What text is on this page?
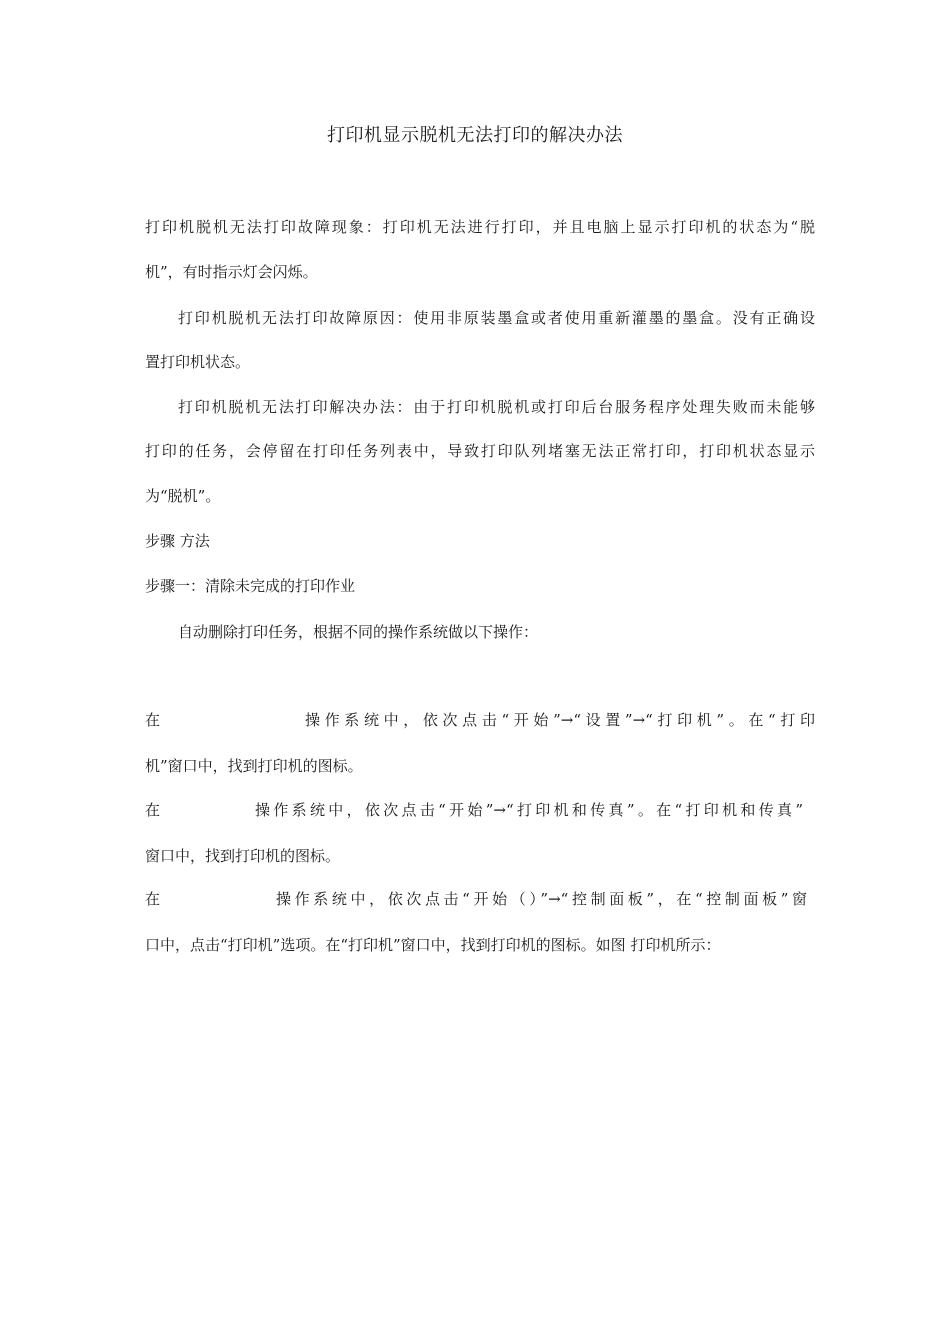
打印机显示脱机无法打印的解决办法
打印机脱机无法打印故障现象：打印机无法进行打印，并且电脑上显示打印机的状态为“脱
机”，有时指示灯会闪烁。
打印机脱机无法打印故障原因：使用非原装墨盒或者使用重新灌墨的墨盒。没有正确设
置打印机状态。
打印机脱机无法打印解决办法：由于打印机脱机或打印后台服务程序处理失败而未能够
打印的任务，会停留在打印任务列表中，导致打印队列堵塞无法正常打印，打印机状态显示
为“脱机”。
步骤 方法
步骤一：清除未完成的打印作业
自动删除打印任务，根据不同的操作系统做以下操作：
在	操作系统中，依次点击“开始”→“设置”→“打印机”。在“打印
机”窗口中，找到打印机的图标。
在	操作系统中，依次点击“开始”→“打印机和传真”。在“打印机和传真”
窗口中，找到打印机的图标。
在	操作系统中，依次点击“开始（）”→“控制面板”，在“控制面板”窗
口中，点击“打印机”选项。在“打印机”窗口中，找到打印机的图标。如图 打印机所示：
